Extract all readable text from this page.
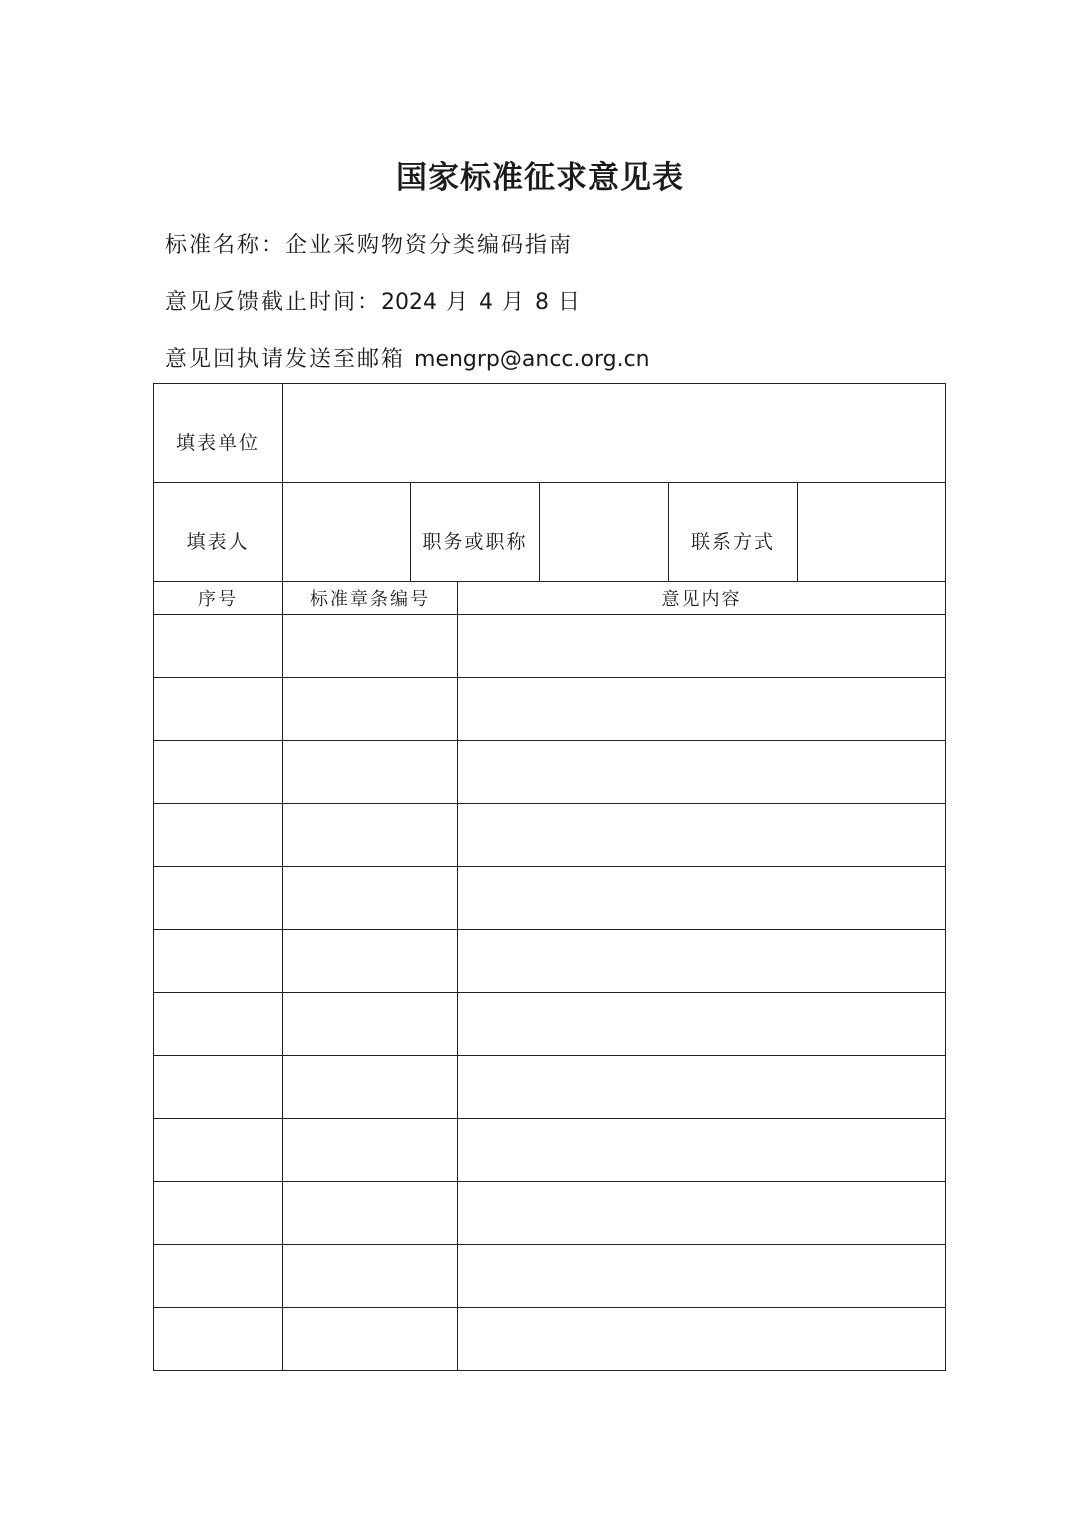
国家标准征求意见表
标准名称：企业采购物资分类编码指南
意见反馈截止时间：2024 月 4 月 8 日
意见回执请发送至邮箱 mengrp@ancc.org.cn
填表单位						
填表人		职务或职称			联系方式	
序号	标准章条编号		意见内容			
